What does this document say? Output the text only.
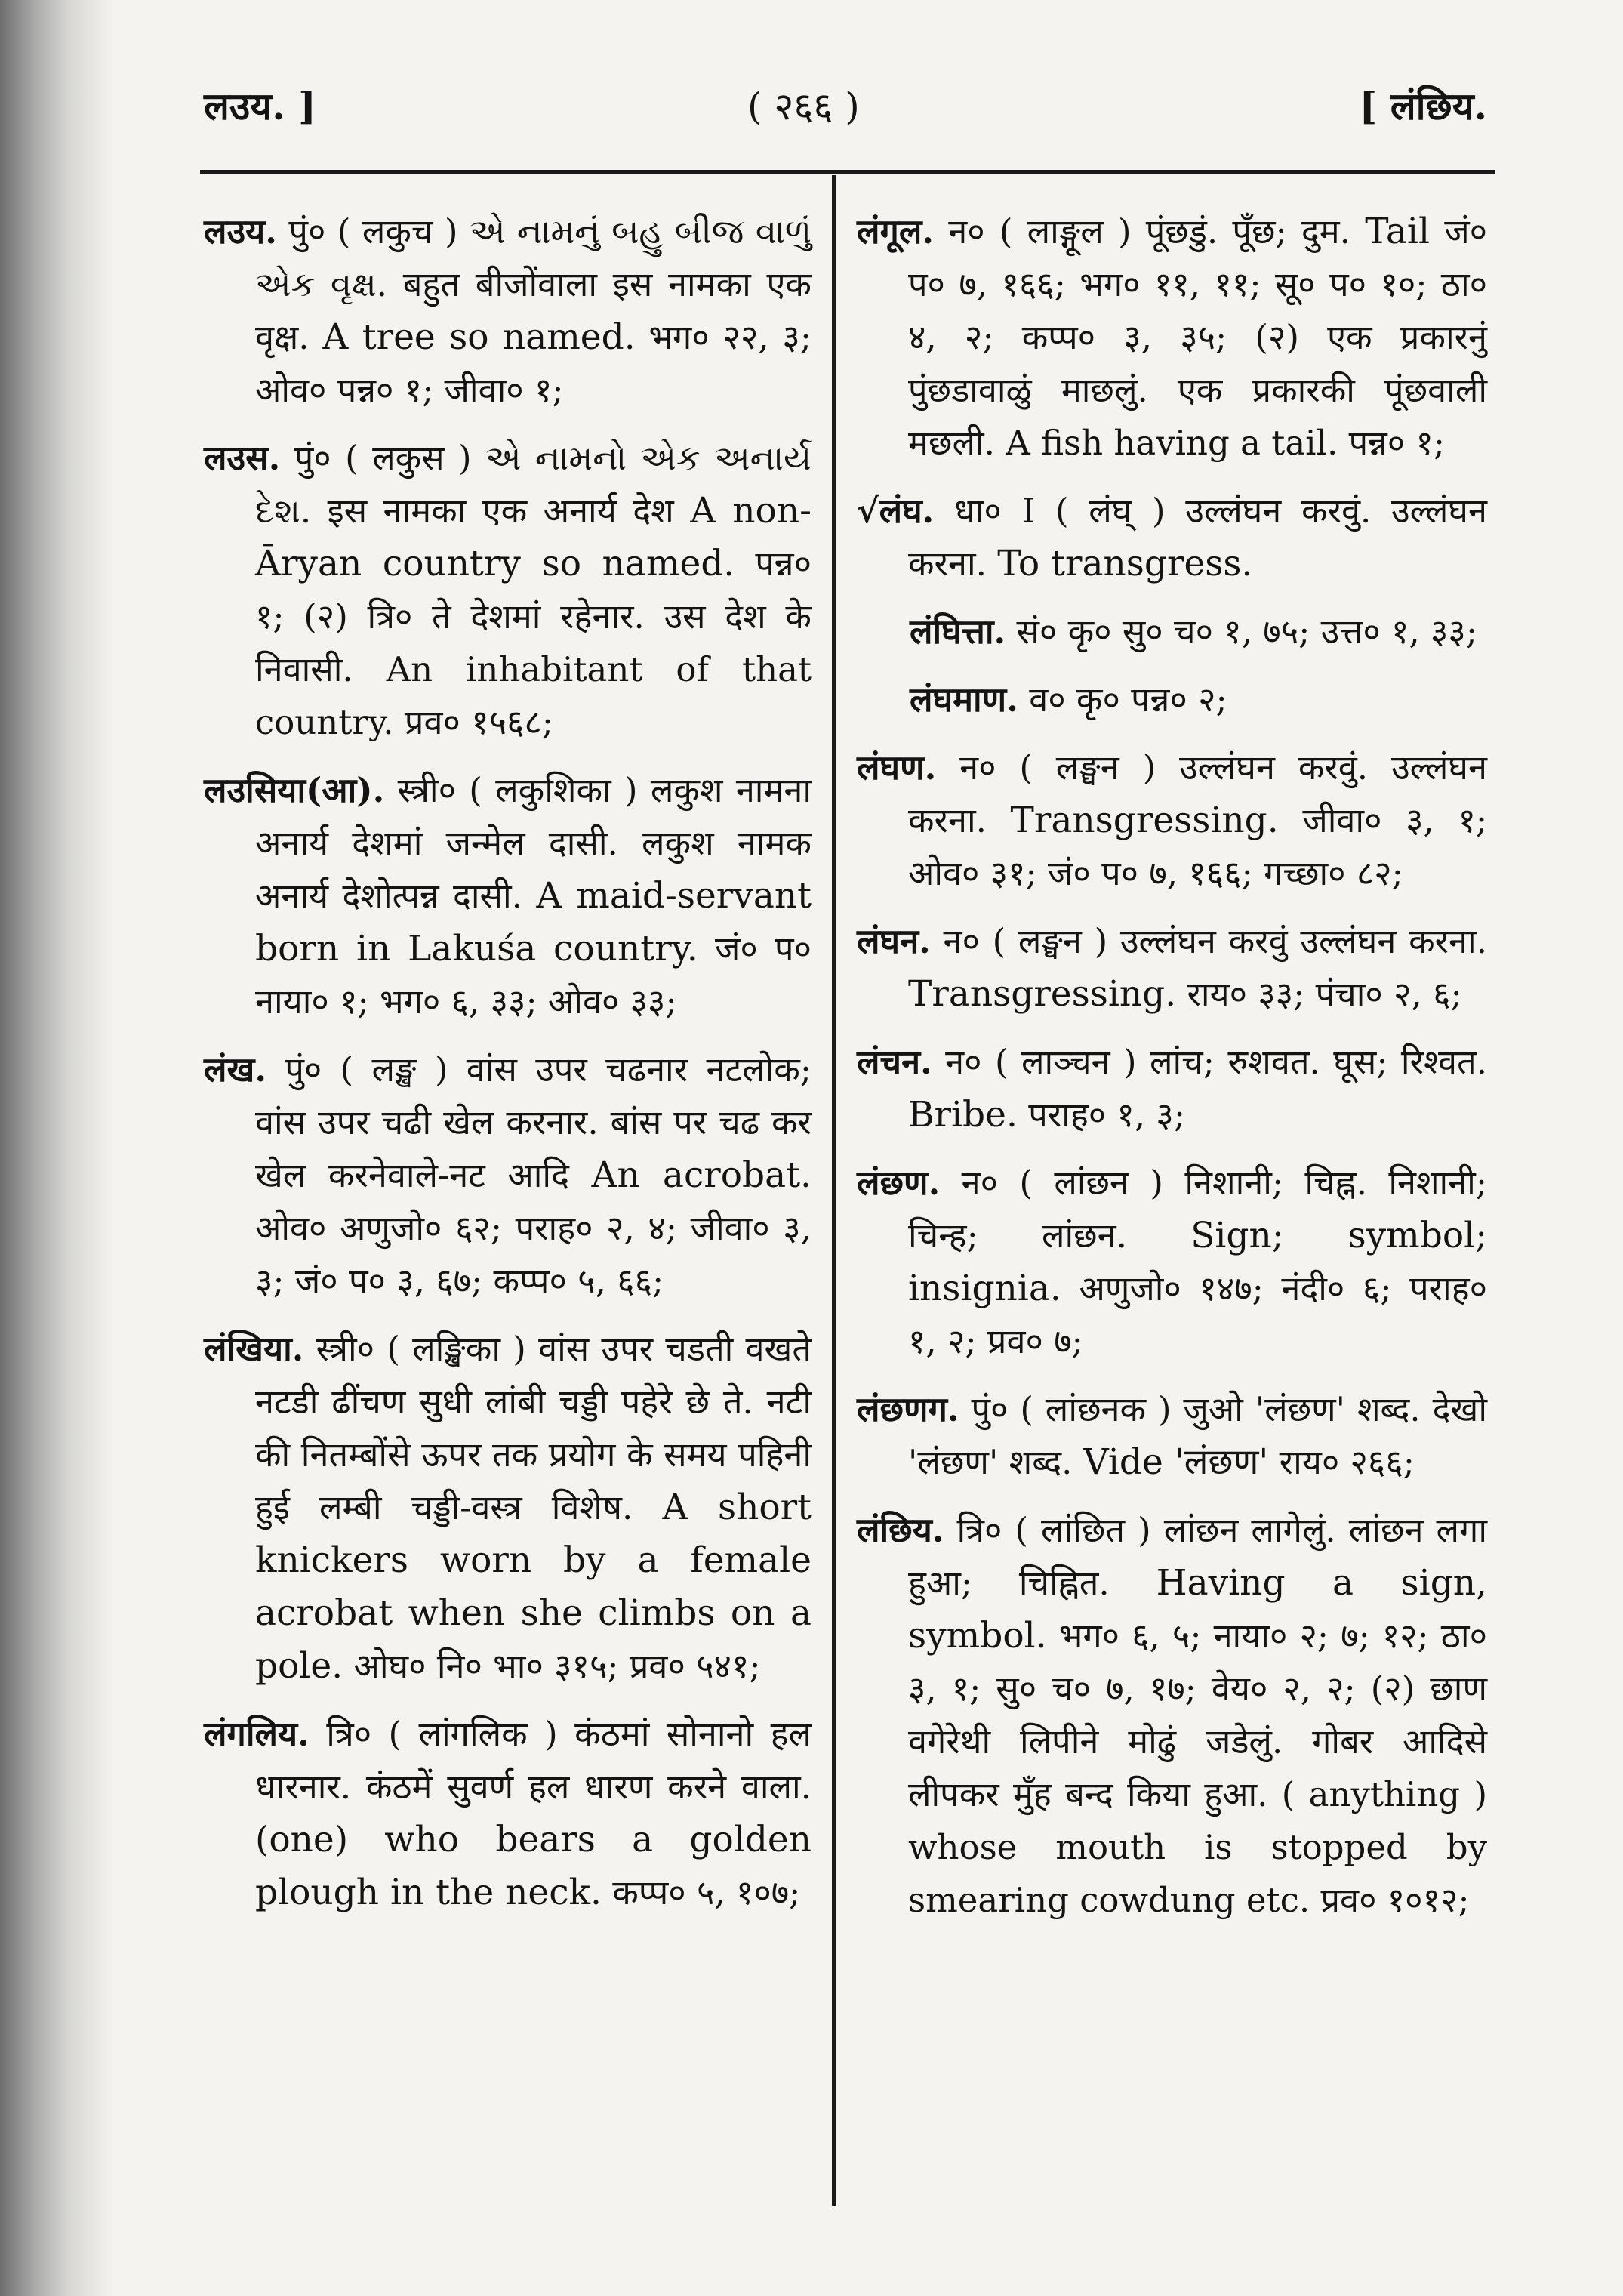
लउय. ]	( २६६ )	[ लंछिय.

लउय. पुं० ( लकुच ) એ નામનું બહુ બીજ વાળું એક વૃક્ષ. बहुत बीजोंवाला इस नामका एक वृक्ष. A tree so named. भग० २२, ३; ओव० पन्न० १; जीवा० १;

लउस. पुं० ( लकुस ) એ નામનો એક અનાર્ય દેશ. इस नामका एक अनार्य देश A non-Āryan country so named. पन्न० १; (२) त्रि० ते देशमां रहेनार. उस देश के निवासी. An inhabitant of that country. प्रव० १५६८;

लउसिया(आ). स्त्री० ( लकुशिका ) लकुश नामना अनार्य देशमां जन्मेल दासी. लकुश नामक अनार्य देशोत्पन्न दासी. A maid-servant born in Lakuśa country. जं० प० नाया० १; भग० ६, ३३; ओव० ३३;

लंख. पुं० ( लङ्ख ) वांस उपर चढनार नटलोक; वांस उपर चढी खेल करनार. बांस पर चढ कर खेल करनेवाले-नट आदि An acrobat. ओव० अणुजो० ६२; पराह० २, ४; जीवा० ३, ३; जं० प० ३, ६७; कप्प० ५, ६६;

लंखिया. स्त्री० ( लङ्खिका ) वांस उपर चडती वखते नटडी ढींचण सुधी लांबी चड्डी पहेरे छे ते. नटी की नितम्बोंसे ऊपर तक प्रयोग के समय पहिनी हुई लम्बी चड्डी-वस्त्र विशेष. A short knickers worn by a female acrobat when she climbs on a pole. ओघ० नि० भा० ३१५; प्रव० ५४१;

लंगलिय. त्रि० ( लांगलिक ) कंठमां सोनानो हल धारनार. कंठमें सुवर्ण हल धारण करने वाला. (one) who bears a golden plough in the neck. कप्प० ५, १०७;

लंगूल. न० ( लाङ्गूल ) पूंछडुं. पूँछ; दुम. Tail जं० प० ७, १६६; भग० ११, ११; सू० प० १०; ठा० ४, २; कप्प० ३, ३५; (२) एक प्रकारनुं पुंछडावाळुं माछलुं. एक प्रकारकी पूंछवाली मछली. A fish having a tail. पन्न० १;

√लंघ. धा० I ( लंघ् ) उल्लंघन करवुं. उल्लंघन करना. To transgress.

लंघित्ता. सं० कृ० सु० च० १, ७५; उत्त० १, ३३;

लंघमाण. व० कृ० पन्न० २;

लंघण. न० ( लङ्घन ) उल्लंघन करवुं. उल्लंघन करना. Transgressing. जीवा० ३, १; ओव० ३१; जं० प० ७, १६६; गच्छा० ८२;

लंघन. न० ( लङ्घन ) उल्लंघन करवुं उल्लंघन करना. Transgressing. राय० ३३; पंचा० २, ६;

लंचन. न० ( लाञ्चन ) लांच; रुशवत. घूस; रिश्वत. Bribe. पराह० १, ३;

लंछण. न० ( लांछन ) निशानी; चिह्न. निशानी; चिन्ह; लांछन. Sign; symbol; insignia. अणुजो० १४७; नंदी० ६; पराह० १, २; प्रव० ७;

लंछणग. पुं० ( लांछनक ) जुओ 'लंछण' शब्द. देखो 'लंछण' शब्द. Vide 'लंछण' राय० २६६;

लंछिय. त्रि० ( लांछित ) लांछन लागेलुं. लांछन लगा हुआ; चिह्नित. Having a sign, symbol. भग० ६, ५; नाया० २; ७; १२; ठा० ३, १; सु० च० ७, १७; वेय० २, २; (२) छाण वगेरेथी लिपीने मोढुं जडेलुं. गोबर आदिसे लीपकर मुँह बन्द किया हुआ. ( anything ) whose mouth is stopped by smearing cowdung etc. प्रव० १०१२;
